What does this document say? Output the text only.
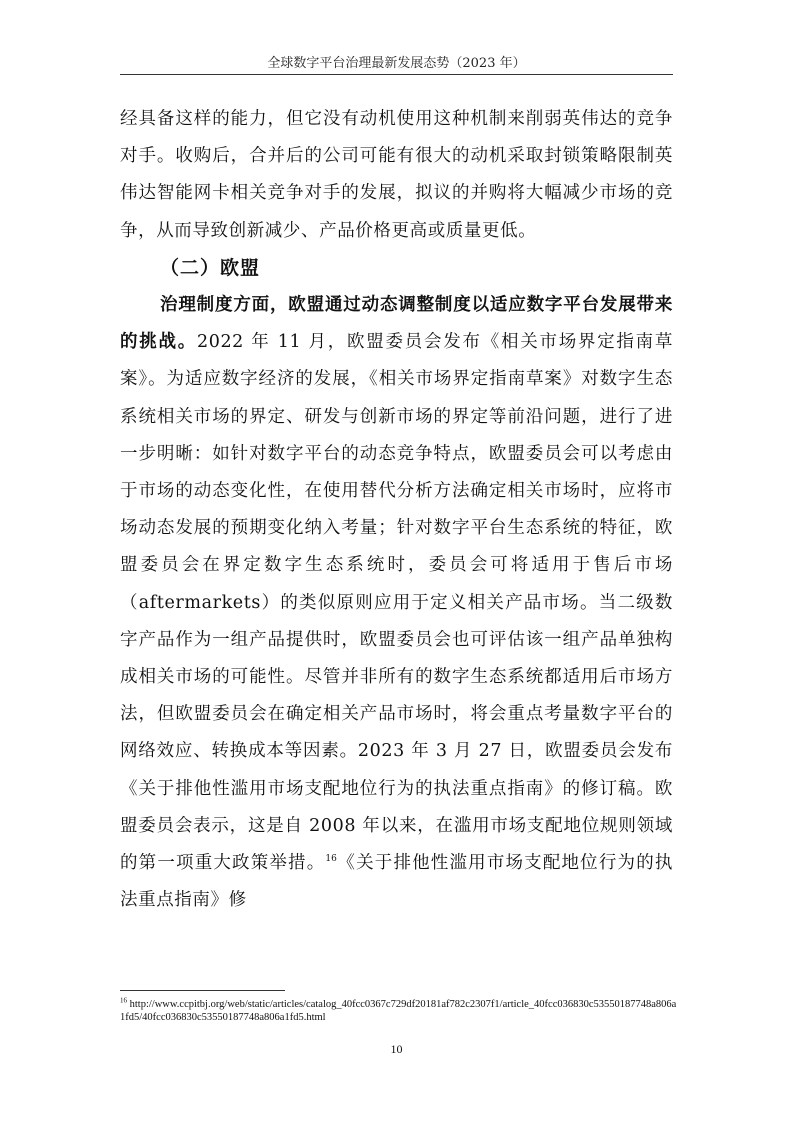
全球数字平台治理最新发展态势（2023 年）

经具备这样的能力，但它没有动机使用这种机制来削弱英伟达的竞争对手。收购后，合并后的公司可能有很大的动机采取封锁策略限制英伟达智能网卡相关竞争对手的发展，拟议的并购将大幅减少市场的竞争，从而导致创新减少、产品价格更高或质量更低。

（二）欧盟

治理制度方面，欧盟通过动态调整制度以适应数字平台发展带来的挑战。2022 年 11 月，欧盟委员会发布《相关市场界定指南草案》。为适应数字经济的发展，《相关市场界定指南草案》对数字生态系统相关市场的界定、研发与创新市场的界定等前沿问题，进行了进一步明晰：如针对数字平台的动态竞争特点，欧盟委员会可以考虑由于市场的动态变化性，在使用替代分析方法确定相关市场时，应将市场动态发展的预期变化纳入考量；针对数字平台生态系统的特征，欧盟委员会在界定数字生态系统时，委员会可将适用于售后市场（aftermarkets）的类似原则应用于定义相关产品市场。当二级数字产品作为一组产品提供时，欧盟委员会也可评估该一组产品单独构成相关市场的可能性。尽管并非所有的数字生态系统都适用后市场方法，但欧盟委员会在确定相关产品市场时，将会重点考量数字平台的网络效应、转换成本等因素。2023 年 3 月 27 日，欧盟委员会发布《关于排他性滥用市场支配地位行为的执法重点指南》的修订稿。欧盟委员会表示，这是自 2008 年以来，在滥用市场支配地位规则领域的第一项重大政策举措。$^{16}$《关于排他性滥用市场支配地位行为的执法重点指南》修

$^{16}$ http://www.ccpitbj.org/web/static/articles/catalog_40fcc0367c729df20181af782c2307f1/article_40fcc036830c53550187748a806a1fd5/40fcc036830c53550187748a806a1fd5.html
10
